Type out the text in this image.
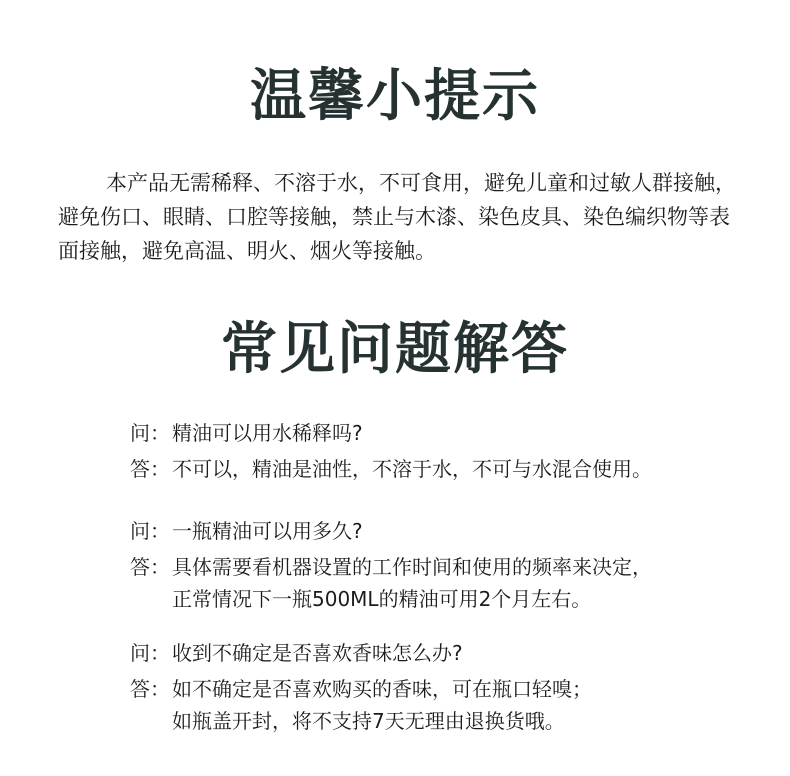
温馨小提示
本产品无需稀释、不溶于水，不可食用，避免儿童和过敏人群接触，
避免伤口、眼睛、口腔等接触，禁止与木漆、染色皮具、染色编织物等表
面接触，避免高温、明火、烟火等接触。
常见问题解答
问： 精油可以用水稀释吗?
答： 不可以，精油是油性，不溶于水，不可与水混合使用。
问： 一瓶精油可以用多久?
答： 具体需要看机器设置的工作时间和使用的频率来决定，
正常情况下一瓶500ML的精油可用2个月左右。
问： 收到不确定是否喜欢香味怎么办?
答： 如不确定是否喜欢购买的香味，可在瓶口轻嗅；
如瓶盖开封，将不支持7天无理由退换货哦。
